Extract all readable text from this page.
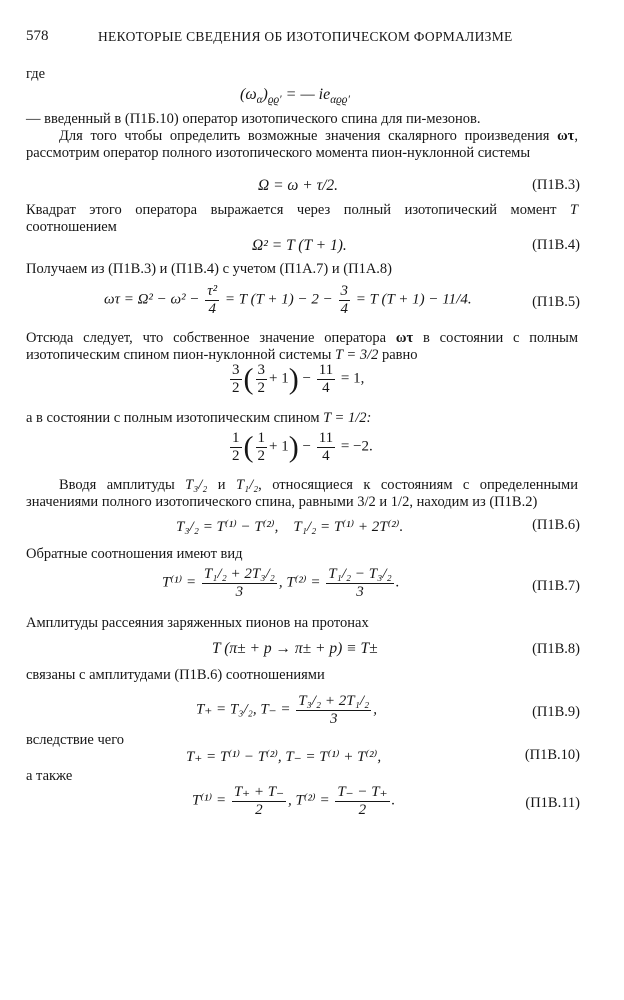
578	НЕКОТОРЫЕ СВЕДЕНИЯ ОБ ИЗОТОПИЧЕСКОМ ФОРМАЛИЗМЕ
где
$(\omega_\alpha)_{ϱϱ'}$ = — $ie_{\alpha ϱϱ'}$
— введенный в (П1Б.10) оператор изотопического спина для пи-мезонов.
Для того чтобы определить возможные значения скалярного произведения ωτ, рассмотрим оператор полного изотопического момента пион-нуклонной системы
Ω = ω + τ/2.	(П1В.3)
Квадрат этого оператора выражается через полный изотопический момент T соотношением
Ω² = T (T + 1).	(П1В.4)
Получаем из (П1В.3) и (П1В.4) с учетом (П1А.7) и (П1А.8)
$\omega\tau = \Omega^2 - \omega^2 - \frac{\text{τ²}}{4} = T$ $(T + 1) - 2 - \frac{3}{4} = T$ (T + 1) − 11/4.	(П1В.5)
Отсюда следует, что собственное значение оператора ωτ в состоянии с полным изотопическим спином пион-нуклонной системы T = 3/2 равно
$\frac{3}{2}$ ( $\frac{3}{2} + 1) - \frac{11}{4} = 1$,
а в состоянии с полным изотопическим спином T = 1/2:
$\frac{1}{2}$ ( $\frac{1}{2} + 1) - \frac{11}{4} = -2$.
Вводя амплитуды T₃/₂ и T₁/₂, относящиеся к состояниям с определенными значениями полного изотопического спина, равными 3/2 и 1/2, находим из (П1В.2)
T₃/₂ = T⁽¹⁾ − T⁽²⁾, T₁/₂ = T⁽¹⁾ + 2T⁽²⁾.	(П1В.6)
Обратные соотношения имеют вид
$T^{(1)} = \frac{\text{T₁/₂ + 2T₃/₂}}{3}$ , $T^{(2)} = \frac{\text{T₁/₂ − T₃/₂}}{3}$ .	(П1В.7)
Амплитуды рассеяния заряженных пионов на протонах
T (π± + p → π± + p) ≡ T±	(П1В.8)
связаны с амплитудами (П1В.6) соотношениями
T₊ = T₃/₂, $T_- = \frac{\text{T₃/₂ + 2T₁/₂}}{3}$ ,	(П1В.9)
вследствие чего
T₊ = T⁽¹⁾ − T⁽²⁾, T₋ = T⁽¹⁾ + T⁽²⁾,	(П1В.10)
а также
$T^{(1)} = \frac{T_+ + T_-}{2}$ , $T^{(2)} = \frac{T_- - T_+}{2}$ .	(П1В.11)
